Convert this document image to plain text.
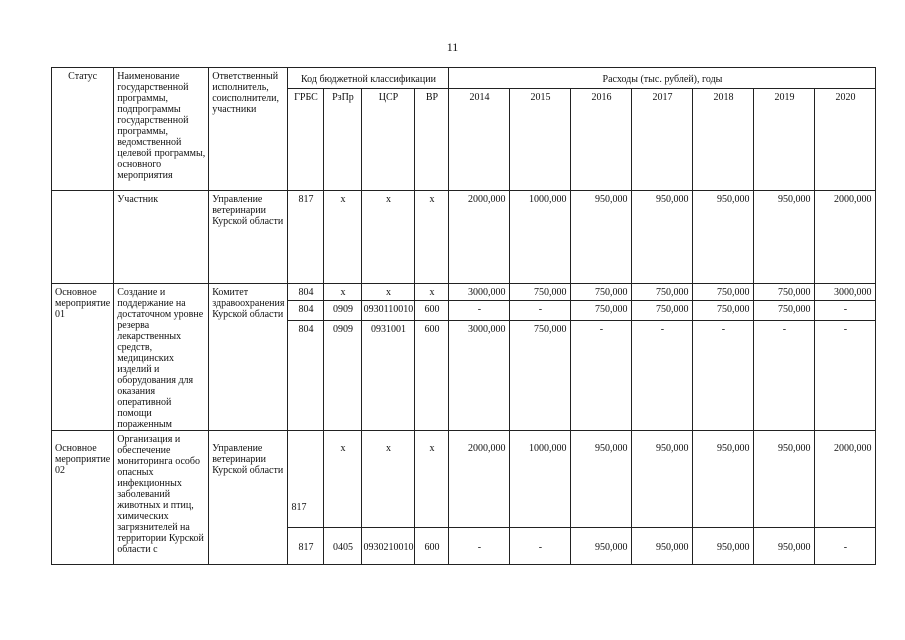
11
Статус	Наименование государственной программы, подпрограммы государственной программы, ведомственной целевой программы, основного мероприятия	Ответственный исполнитель, соисполнители, участники	Код бюджетной классификации				Расходы (тыс. рублей), годы						
			ГРБС	РзПр	ЦСР	ВР	2014	2015	2016	2017	2018	2019	2020
	Участник	Управление ветеринарии Курской области	817	х	х	х	2000,000	1000,000	950,000	950,000	950,000	950,000	2000,000
Основное мероприятие 01	Создание и поддержание на достаточном уровне резерва лекарственных средств, медицинских изделий и оборудования для оказания оперативной помощи пораженным	Комитет здравоохранения Курской области	804	х	х	х	3000,000	750,000	750,000	750,000	750,000	750,000	3000,000
			804	0909	0930110010	600	-	-	750,000	750,000	750,000	750,000	-
			804	0909	0931001	600	3000,000	750,000	-	-	-	-	-
Основное мероприятие 02	Организация и обеспечение мониторинга особо опасных инфекционных заболеваний животных и птиц, химических загрязнителей на территории Курской области с	Управление ветеринарии Курской области	817	х	х	х	2000,000	1000,000	950,000	950,000	950,000	950,000	2000,000
			817	0405	0930210010	600	-	-	950,000	950,000	950,000	950,000	-
